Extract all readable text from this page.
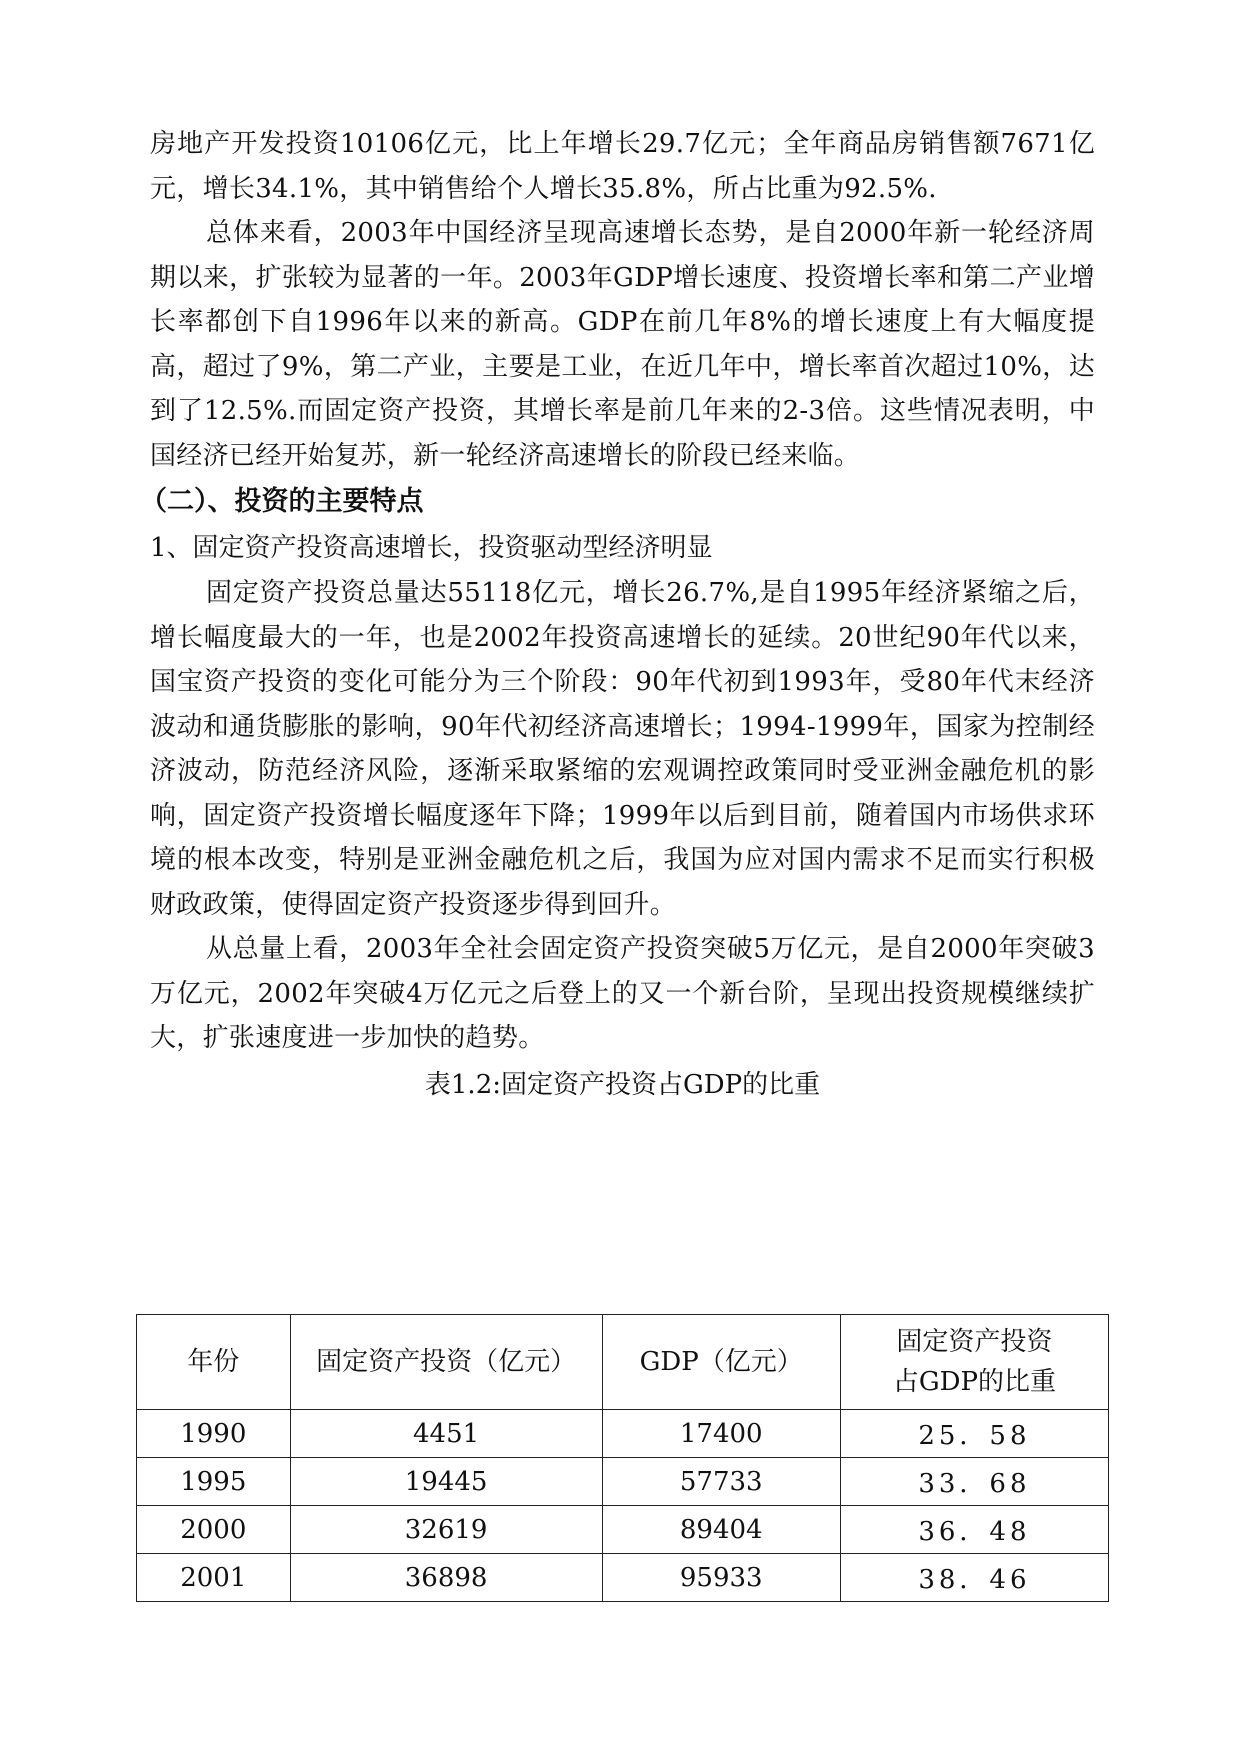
房地产开发投资10106亿元，比上年增长29.7亿元；全年商品房销售额7671亿元，增长34.1%，其中销售给个人增长35.8%，所占比重为92.5%.

总体来看，2003年中国经济呈现高速增长态势，是自2000年新一轮经济周期以来，扩张较为显著的一年。2003年GDP增长速度、投资增长率和第二产业增长率都创下自1996年以来的新高。GDP在前几年8%的增长速度上有大幅度提高，超过了9%，第二产业，主要是工业，在近几年中，增长率首次超过10%，达到了12.5%.而固定资产投资，其增长率是前几年来的2-3倍。这些情况表明，中国经济已经开始复苏，新一轮经济高速增长的阶段已经来临。

（二）、投资的主要特点

1、固定资产投资高速增长，投资驱动型经济明显

固定资产投资总量达55118亿元，增长26.7%,是自1995年经济紧缩之后，增长幅度最大的一年，也是2002年投资高速增长的延续。20世纪90年代以来，国宝资产投资的变化可能分为三个阶段：90年代初到1993年，受80年代末经济波动和通货膨胀的影响，90年代初经济高速增长；1994-1999年，国家为控制经济波动，防范经济风险，逐渐采取紧缩的宏观调控政策同时受亚洲金融危机的影响，固定资产投资增长幅度逐年下降；1999年以后到目前，随着国内市场供求环境的根本改变，特别是亚洲金融危机之后，我国为应对国内需求不足而实行积极财政政策，使得固定资产投资逐步得到回升。

从总量上看，2003年全社会固定资产投资突破5万亿元，是自2000年突破3万亿元，2002年突破4万亿元之后登上的又一个新台阶，呈现出投资规模继续扩大，扩张速度进一步加快的趋势。

表1.2:固定资产投资占GDP的比重

年份	固定资产投资（亿元）	GDP（亿元）	固定资产投资
占GDP的比重
1990	4451	17400	25．58
1995	19445	57733	33．68
2000	32619	89404	36．48
2001	36898	95933	38．46
